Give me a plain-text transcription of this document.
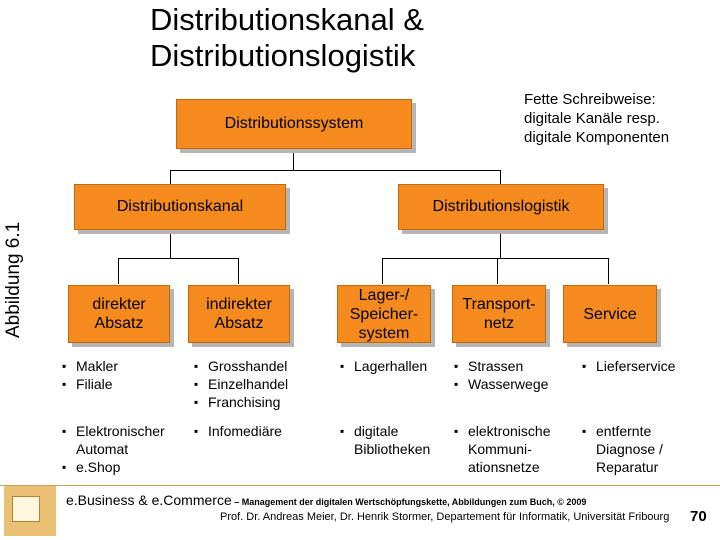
Distributionskanal &
Distributionslogistik
Abbildung 6.1
Fette Schreibweise:
digitale Kanäle resp.
digitale Komponenten
Distributionssystem
Distributionskanal	Distributionslogistik
direkter
Absatz
indirekter
Absatz
Lager-/
Speicher-
system
Transport-
netz
Service
▪ Makler
▪ Filiale
▪ Elektronischer
Automat
▪ e.Shop
▪ Grosshandel
▪ Einzelhandel
▪ Franchising
▪ Infomediäre
▪ Lagerhallen
▪ digitale
Bibliotheken
▪ Strassen
▪ Wasserwege
▪ elektronische
Kommuni-
ationsnetze
▪ Lieferservice
▪ entfernte
Diagnose /
Reparatur
e.Business & e.Commerce – Management der digitalen Wertschöpfungskette, Abbildungen zum Buch, © 2009
Prof. Dr. Andreas Meier, Dr. Henrik Stormer, Departement für Informatik, Universität Fribourg 70
